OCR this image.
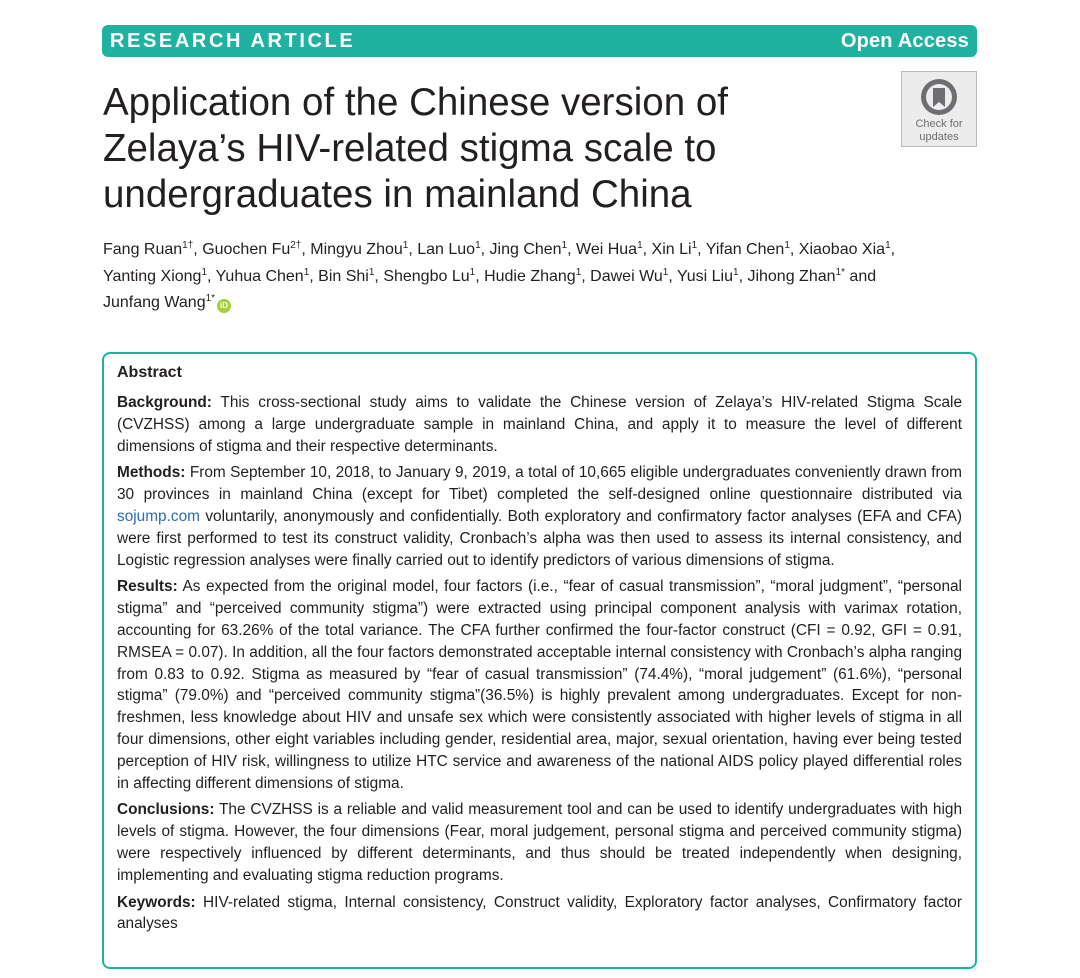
RESEARCH ARTICLE	Open Access
Application of the Chinese version of Zelaya’s HIV-related stigma scale to undergraduates in mainland China
Check for
updates
Fang Ruan$^{1\dagger}$, Guochen $Fu^{2\dagger}$, Mingyu Zhou$^1$, Lan Luo$^1$, Jing Chen$^1$, Wei Hua$^1$, Xin Li$^1$, Yifan Chen$^1$, Xiaobao Xia$^1$,
Yanting Xiong$^1$, Yuhua Chen$^1$, Bin Shi$^1$, Shengbo Lu$^1$, Hudie Zhang$^1$, Dawei Wu$^1$, Yusi Liu$^1$, Jihong Zhan$^{1*}$ and
Junfang Wang$^{1*}$iD
Abstract

Background: This cross-sectional study aims to validate the Chinese version of Zelaya’s HIV-related Stigma Scale (CVZHSS) among a large undergraduate sample in mainland China, and apply it to measure the level of different dimensions of stigma and their respective determinants.

Methods: From September 10, 2018, to January 9, 2019, a total of 10,665 eligible undergraduates conveniently drawn from 30 provinces in mainland China (except for Tibet) completed the self-designed online questionnaire distributed via sojump.com voluntarily, anonymously and confidentially. Both exploratory and confirmatory factor analyses (EFA and CFA) were first performed to test its construct validity, Cronbach’s alpha was then used to assess its internal consistency, and Logistic regression analyses were finally carried out to identify predictors of various dimensions of stigma.

Results: As expected from the original model, four factors (i.e., “fear of casual transmission”, “moral judgment”, “personal stigma” and “perceived community stigma”) were extracted using principal component analysis with varimax rotation, accounting for 63.26% of the total variance. The CFA further confirmed the four-factor construct (CFI = 0.92, GFI = 0.91, RMSEA = 0.07). In addition, all the four factors demonstrated acceptable internal consistency with Cronbach’s alpha ranging from 0.83 to 0.92. Stigma as measured by “fear of casual transmission” (74.4%), “moral judgement” (61.6%), “personal stigma” (79.0%) and “perceived community stigma”(36.5%) is highly prevalent among undergraduates. Except for non-freshmen, less knowledge about HIV and unsafe sex which were consistently associated with higher levels of stigma in all four dimensions, other eight variables including gender, residential area, major, sexual orientation, having ever being tested perception of HIV risk, willingness to utilize HTC service and awareness of the national AIDS policy played differential roles in affecting different dimensions of stigma.

Conclusions: The CVZHSS is a reliable and valid measurement tool and can be used to identify undergraduates with high levels of stigma. However, the four dimensions (Fear, moral judgement, personal stigma and perceived community stigma) were respectively influenced by different determinants, and thus should be treated independently when designing, implementing and evaluating stigma reduction programs.

Keywords: HIV-related stigma, Internal consistency, Construct validity, Exploratory factor analyses, Confirmatory factor analyses
